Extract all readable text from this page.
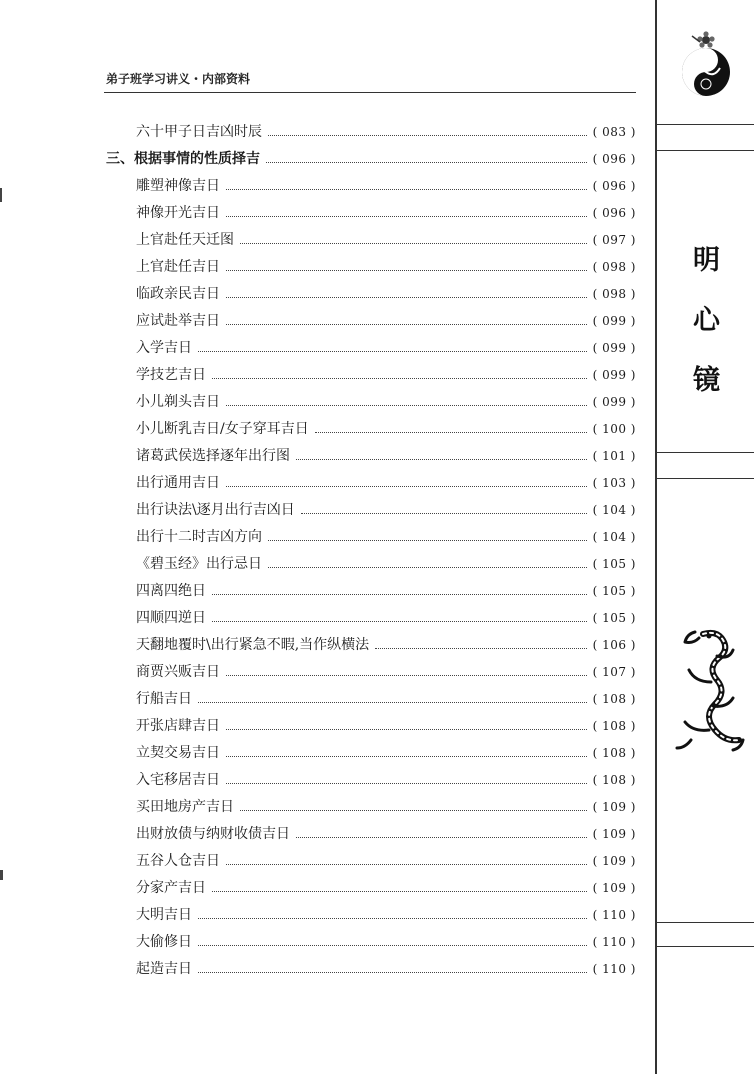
弟子班学习讲义・内部资料
六十甲子日吉凶时辰	( 083 )
三、根据事情的性质择吉	( 096 )
雕塑神像吉日	( 096 )
神像开光吉日	( 096 )
上官赴任天迁图	( 097 )
上官赴任吉日	( 098 )
临政亲民吉日	( 098 )
应试赴举吉日	( 099 )
入学吉日	( 099 )
学技艺吉日	( 099 )
小儿剃头吉日	( 099 )
小儿断乳吉日/女子穿耳吉日	( 100 )
诸葛武侯选择逐年出行图	( 101 )
出行通用吉日	( 103 )
出行诀法\逐月出行吉凶日	( 104 )
出行十二时吉凶方向	( 104 )
《碧玉经》出行忌日	( 105 )
四离四绝日	( 105 )
四顺四逆日	( 105 )
天翻地覆时\出行紧急不暇,当作纵横法	( 106 )
商贾兴贩吉日	( 107 )
行船吉日	( 108 )
开张店肆吉日	( 108 )
立契交易吉日	( 108 )
入宅移居吉日	( 108 )
买田地房产吉日	( 109 )
出财放债与纳财收债吉日	( 109 )
五谷人仓吉日	( 109 )
分家产吉日	( 109 )
大明吉日	( 110 )
大偷修日	( 110 )
起造吉日	( 110 )
明
心
镜
